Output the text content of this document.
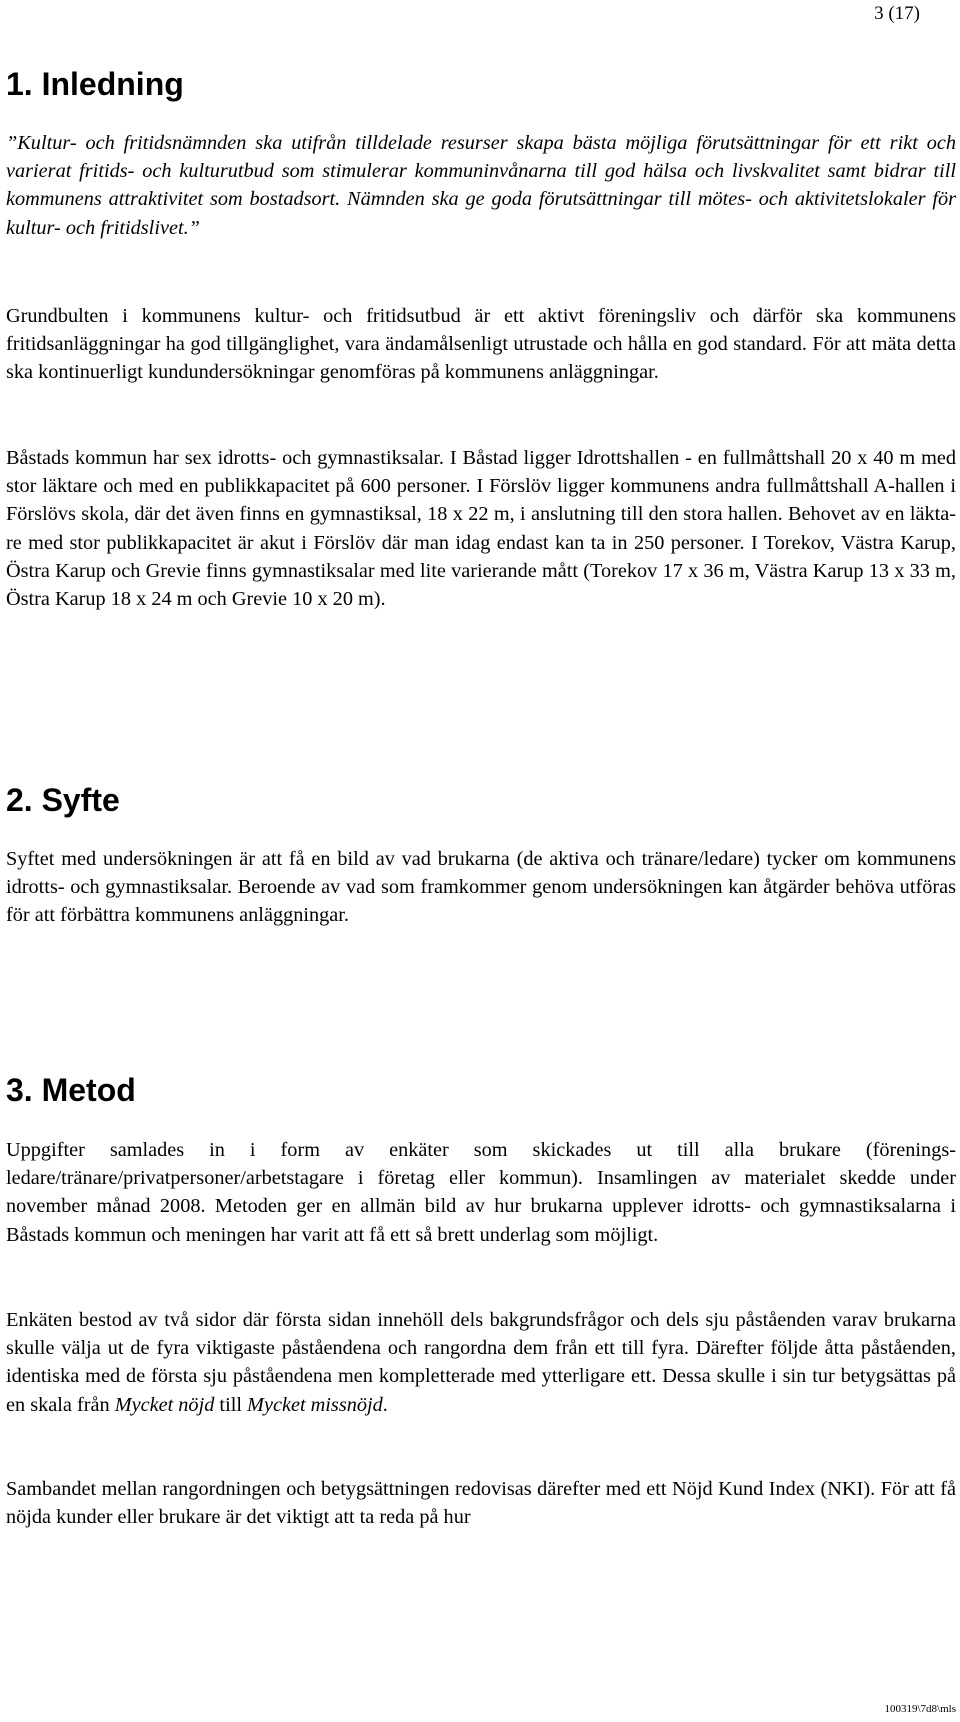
3 (17)
1. Inledning

”Kultur- och fritidsnämnden ska utifrån tilldelade resurser skapa bästa möjliga förutsättningar för ett rikt och varierat fritids- och kulturutbud som stimulerar kommuninvånarna till god hälsa och livskvalitet samt bidrar till kommunens attraktivitet som bostadsort. Nämnden ska ge goda förutsättningar till mötes- och aktivitetslokaler för kultur- och fritidslivet.”

Grundbulten i kommunens kultur- och fritidsutbud är ett aktivt föreningsliv och därför ska kommunens fritidsanläggningar ha god tillgänglighet, vara ändamålsenligt utrustade och hålla en god standard. För att mäta detta ska kontinuerligt kundundersökningar genomföras på kommunens anläggningar.

Båstads kommun har sex idrotts- och gymnastiksalar. I Båstad ligger Idrottshallen - en fullmåttshall 20 x 40 m med stor läktare och med en publikkapacitet på 600 personer. I Förslöv ligger kommunens andra fullmåttshall A-hallen i Förslövs skola, där det även finns en gymnastiksal, 18 x 22 m, i anslutning till den stora hallen. Behovet av en läktare med stor publikkapacitet är akut i Förslöv där man idag endast kan ta in 250 personer. I Torekov, Västra Karup, Östra Karup och Grevie finns gymnastiksalar med lite varierande mått (Torekov 17 x 36 m, Västra Karup 13 x 33 m, Östra Karup 18 x 24 m och Grevie 10 x 20 m).

2. Syfte

Syftet med undersökningen är att få en bild av vad brukarna (de aktiva och tränare/ledare) tycker om kommunens idrotts- och gymnastiksalar. Beroende av vad som framkommer genom undersökningen kan åtgärder behöva utföras för att förbättra kommunens anläggningar.

3. Metod

Uppgifter samlades in i form av enkäter som skickades ut till alla brukare (föreningsledare/tränare/privatpersoner/arbetstagare i företag eller kommun). Insamlingen av materialet skedde under november månad 2008. Metoden ger en allmän bild av hur brukarna upplever idrotts- och gymnastiksalarna i Båstads kommun och meningen har varit att få ett så brett underlag som möjligt.

Enkäten bestod av två sidor där första sidan innehöll dels bakgrundsfrågor och dels sju påståenden varav brukarna skulle välja ut de fyra viktigaste påståendena och rangordna dem från ett till fyra. Därefter följde åtta påståenden, identiska med de första sju påståendena men kompletterade med ytterligare ett. Dessa skulle i sin tur betygsättas på en skala från Mycket nöjd till Mycket missnöjd.

Sambandet mellan rangordningen och betygsättningen redovisas därefter med ett Nöjd Kund Index (NKI). För att få nöjda kunder eller brukare är det viktigt att ta reda på hur

100319\7d8\mls
